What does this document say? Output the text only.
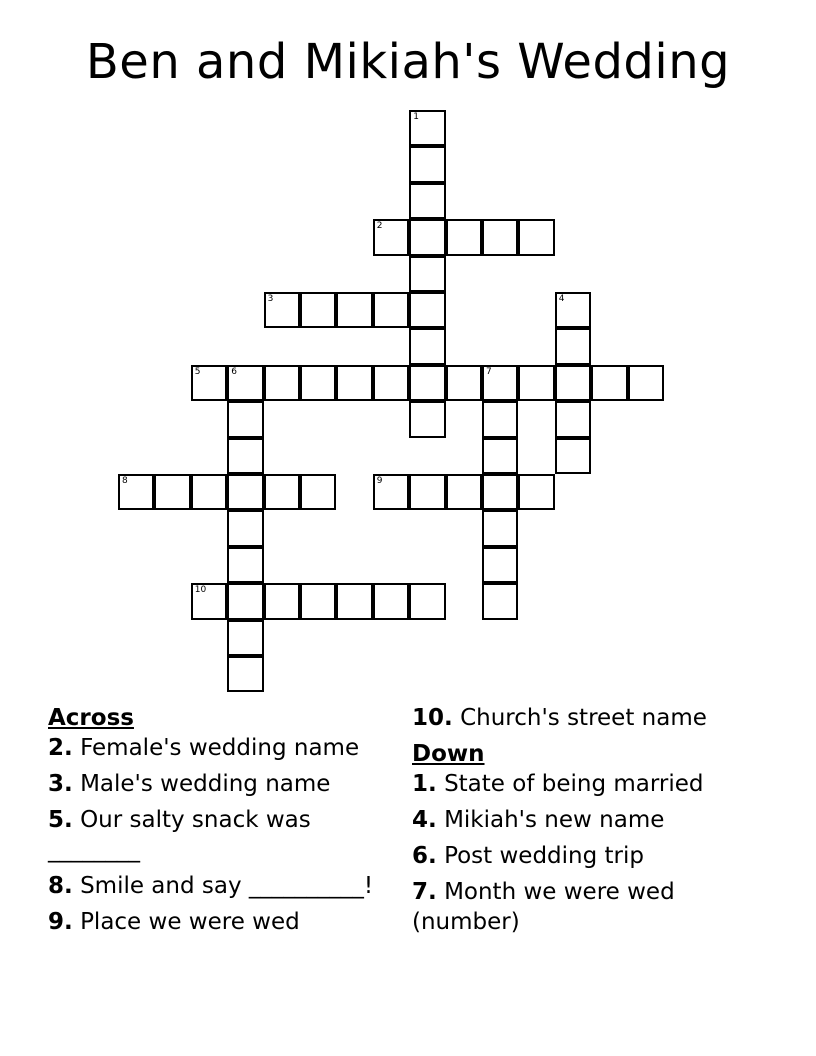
Ben and Mikiah's Wedding
1
2
3	4
5	6	7
8	9
10
Across
2. Female's wedding name
3. Male's wedding name
5. Our salty snack was ________
8. Smile and say __________!
9. Place we were wed
10. Church's street name
Down
1. State of being married
4. Mikiah's new name
6. Post wedding trip
7. Month we were wed (number)
